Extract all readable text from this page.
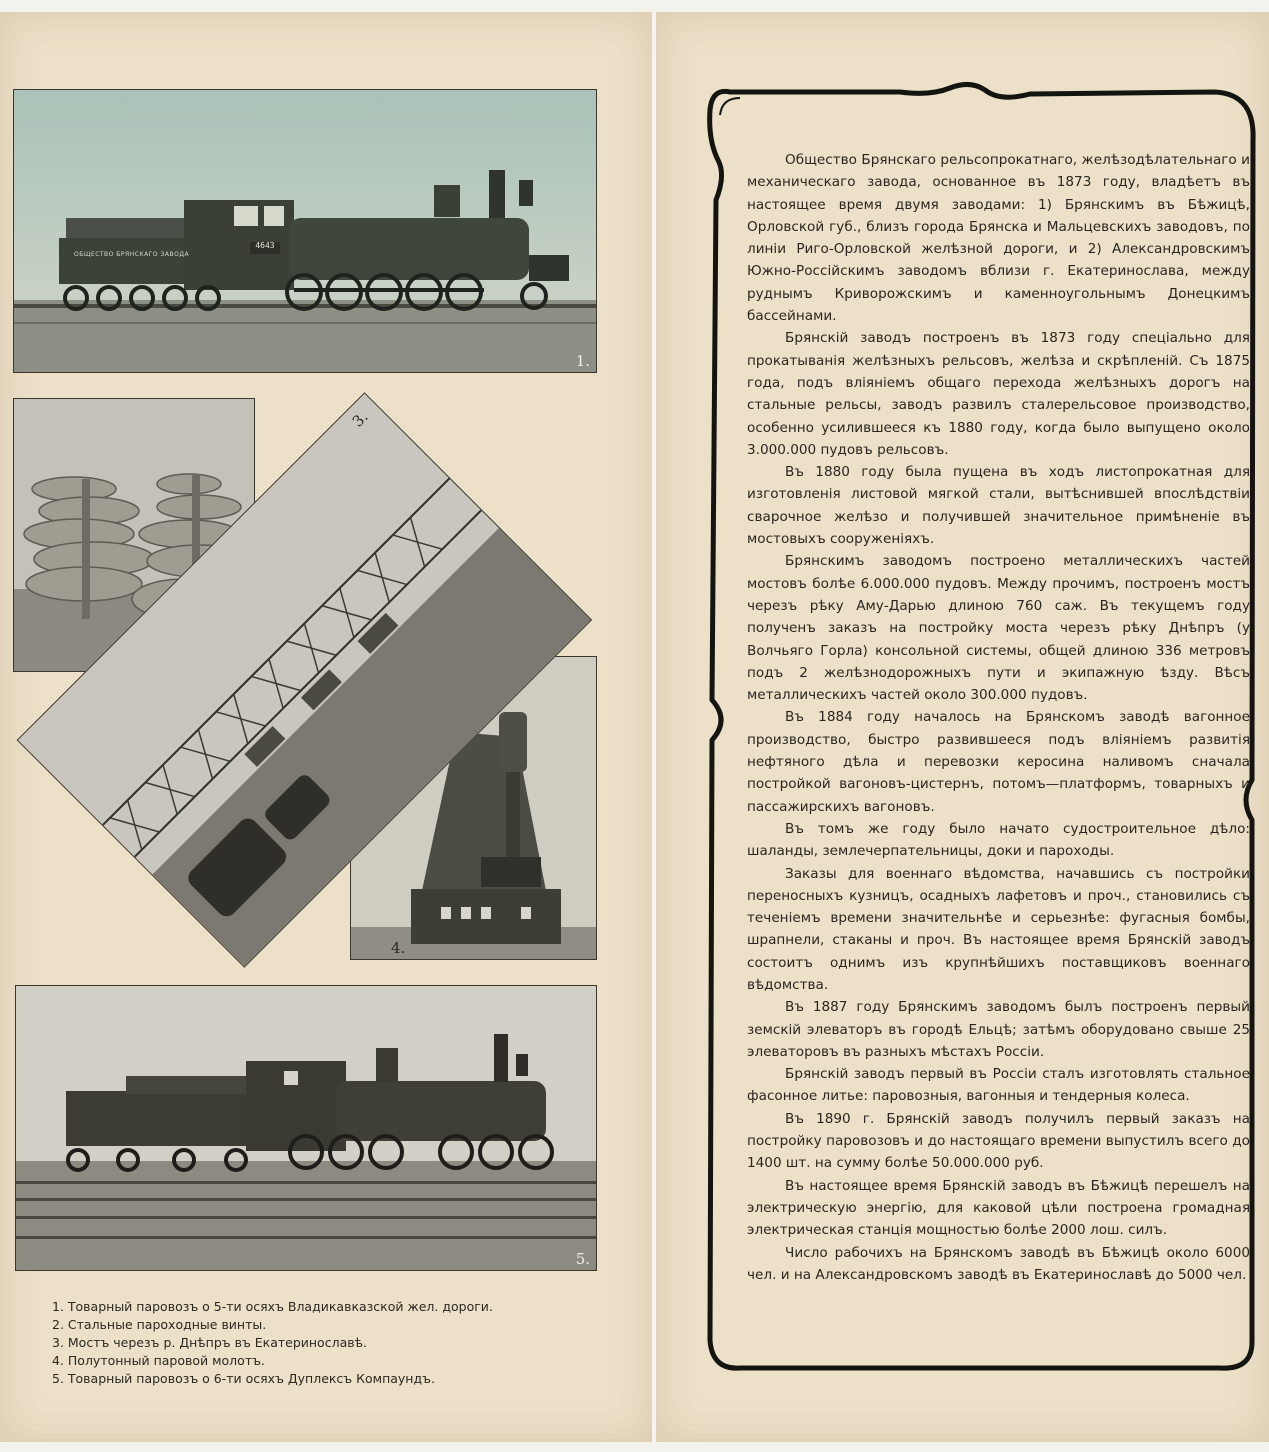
ОБЩЕСТВО БРЯНСКАГО ЗАВОДА
4643
1.
4.
3.
5.
1. Товарный паровозъ о 5-ти осяхъ Владикавказской жел. дороги.
2. Стальные пароходные винты.
3. Мостъ черезъ р. Днѣпръ въ Екатеринославѣ.
4. Полутонный паровой молотъ.
5. Товарный паровозъ о 6-ти осяхъ Дуплексъ Компаундъ.

Общество Брянскаго рельсопрокатнаго, желѣзодѣлательнаго и механическаго завода, основанное въ 1873 году, владѣетъ въ настоящее время двумя заводами: 1) Брянскимъ въ Бѣжицѣ, Орловской губ., близъ города Брянска и Мальцевскихъ заводовъ, по линіи Риго-Орловской желѣзной дороги, и 2) Александровскимъ Южно-Россійскимъ заводомъ вблизи г. Екатеринослава, между руднымъ Криворожскимъ и каменноугольнымъ Донецкимъ бассейнами.

Брянскій заводъ построенъ въ 1873 году спеціально для прокатыванія желѣзныхъ рельсовъ, желѣза и скрѣпленій. Съ 1875 года, подъ вліяніемъ общаго перехода желѣзныхъ дорогъ на стальные рельсы, заводъ развилъ сталерельсовое производство, особенно усилившееся къ 1880 году, когда было выпущено около 3.000.000 пудовъ рельсовъ.

Въ 1880 году была пущена въ ходъ листопрокатная для изготовленія листовой мягкой стали, вытѣснившей впослѣдствіи сварочное желѣзо и получившей значительное примѣненіе въ мостовыхъ сооруженіяхъ.

Брянскимъ заводомъ построено металлическихъ частей мостовъ болѣе 6.000.000 пудовъ. Между прочимъ, построенъ мостъ черезъ рѣку Аму-Дарью длиною 760 саж. Въ текущемъ году полученъ заказъ на постройку моста черезъ рѣку Днѣпръ (у Волчьяго Горла) консольной системы, общей длиною 336 метровъ подъ 2 желѣзнодорожныхъ пути и экипажную ѣзду. Вѣсъ металлическихъ частей около 300.000 пудовъ.

Въ 1884 году началось на Брянскомъ заводѣ вагонное производство, быстро развившееся подъ вліяніемъ развитія нефтяного дѣла и перевозки керосина наливомъ сначала постройкой вагоновъ-цистернъ, потомъ—платформъ, товарныхъ и пассажирскихъ вагоновъ.

Въ томъ же году было начато судостроительное дѣло: шаланды, землечерпательницы, доки и пароходы.

Заказы для военнаго вѣдомства, начавшись съ постройки переносныхъ кузницъ, осадныхъ лафетовъ и проч., становились съ теченіемъ времени значительнѣе и серьезнѣе: фугасныя бомбы, шрапнели, стаканы и проч. Въ настоящее время Брянскій заводъ состоитъ однимъ изъ крупнѣйшихъ поставщиковъ военнаго вѣдомства.

Въ 1887 году Брянскимъ заводомъ былъ построенъ первый земскій элеваторъ въ городѣ Ельцѣ; затѣмъ оборудовано свыше 25 элеваторовъ въ разныхъ мѣстахъ Россіи.

Брянскій заводъ первый въ Россіи сталъ изготовлять стальное фасонное литье: паровозныя, вагонныя и тендерныя колеса.

Въ 1890 г. Брянскій заводъ получилъ первый заказъ на постройку паровозовъ и до настоящаго времени выпустилъ всего до 1400 шт. на сумму болѣе 50.000.000 руб.

Въ настоящее время Брянскій заводъ въ Бѣжицѣ перешелъ на электрическую энергію, для каковой цѣли построена громадная электрическая станція мощностью болѣе 2000 лош. силъ.

Число рабочихъ на Брянскомъ заводѣ въ Бѣжицѣ около 6000 чел. и на Александровскомъ заводѣ въ Екатеринославѣ до 5000 чел.
